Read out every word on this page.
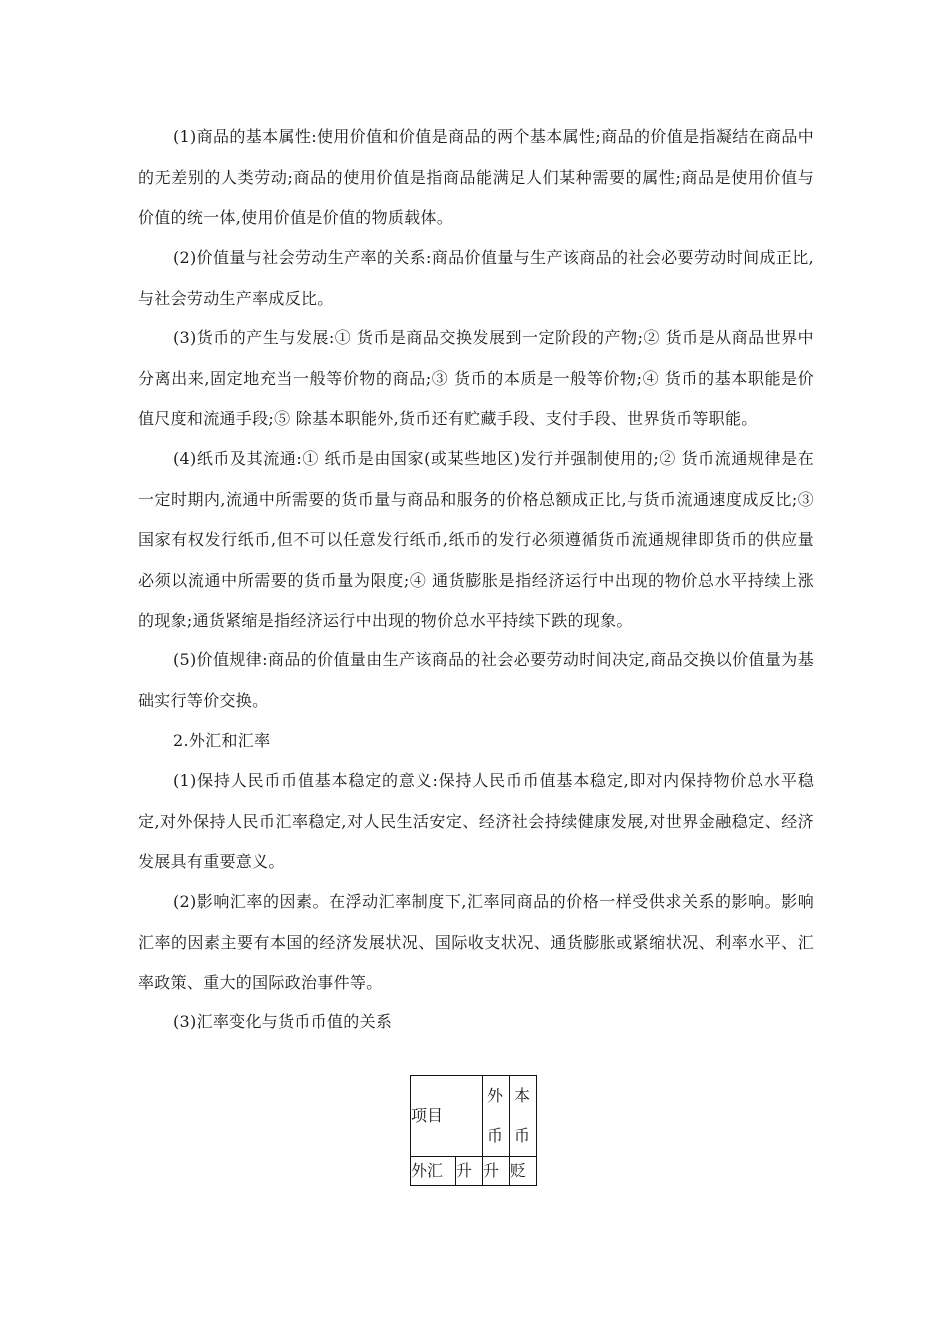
(1)商品的基本属性:使用价值和价值是商品的两个基本属性;商品的价值是指凝结在商品中的无差别的人类劳动;商品的使用价值是指商品能满足人们某种需要的属性;商品是使用价值与价值的统一体,使用价值是价值的物质载体。

(2)价值量与社会劳动生产率的关系:商品价值量与生产该商品的社会必要劳动时间成正比,与社会劳动生产率成反比。

(3)货币的产生与发展:① 货币是商品交换发展到一定阶段的产物;② 货币是从商品世界中分离出来,固定地充当一般等价物的商品;③ 货币的本质是一般等价物;④ 货币的基本职能是价值尺度和流通手段;⑤ 除基本职能外,货币还有贮藏手段、支付手段、世界货币等职能。

(4)纸币及其流通:① 纸币是由国家(或某些地区)发行并强制使用的;② 货币流通规律是在一定时期内,流通中所需要的货币量与商品和服务的价格总额成正比,与货币流通速度成反比;③ 国家有权发行纸币,但不可以任意发行纸币,纸币的发行必须遵循货币流通规律即货币的供应量必须以流通中所需要的货币量为限度;④ 通货膨胀是指经济运行中出现的物价总水平持续上涨的现象;通货紧缩是指经济运行中出现的物价总水平持续下跌的现象。

(5)价值规律:商品的价值量由生产该商品的社会必要劳动时间决定,商品交换以价值量为基础实行等价交换。

2.外汇和汇率

(1)保持人民币币值基本稳定的意义:保持人民币币值基本稳定,即对内保持物价总水平稳定,对外保持人民币汇率稳定,对人民生活安定、经济社会持续健康发展,对世界金融稳定、经济发展具有重要意义。

(2)影响汇率的因素。在浮动汇率制度下,汇率同商品的价格一样受供求关系的影响。影响汇率的因素主要有本国的经济发展状况、国际收支状况、通货膨胀或紧缩状况、利率水平、汇率政策、重大的国际政治事件等。

(3)汇率变化与货币币值的关系

项目		外币	本币

外汇	升	升	贬
